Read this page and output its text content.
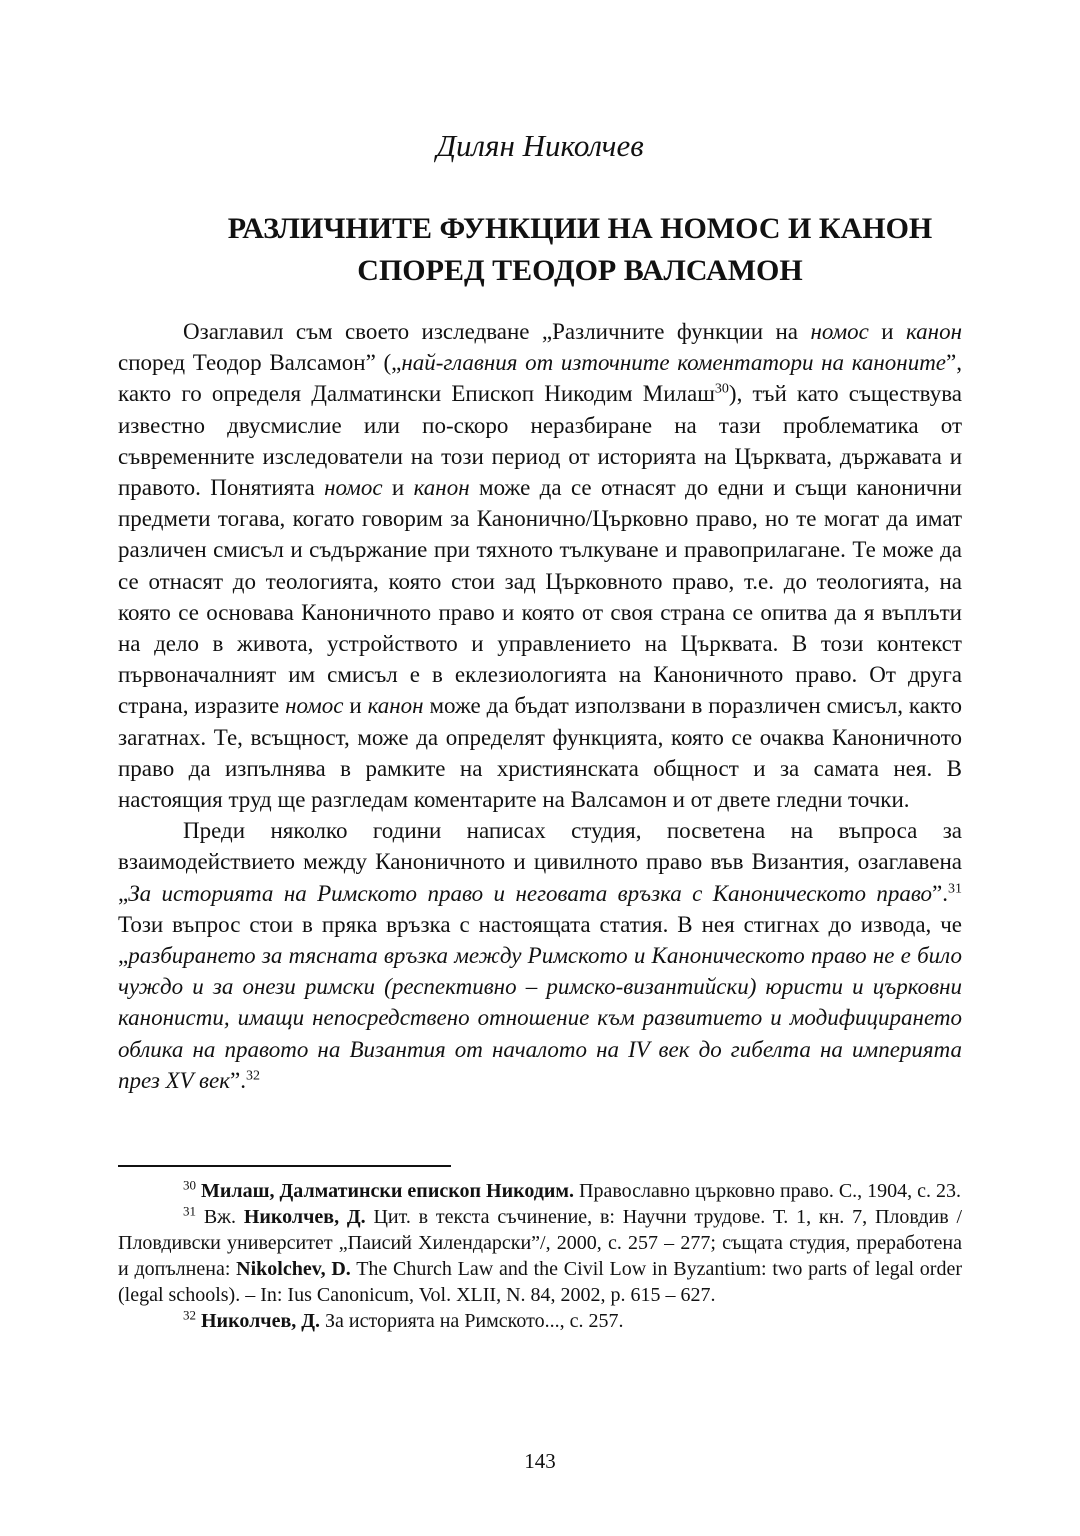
Дилян Николчев

РАЗЛИЧНИТЕ ФУНКЦИИ НА НОМОС И КАНОН
СПОРЕД ТЕОДОР ВАЛСАМОН

Озаглавил съм своето изследване „Различните функции на номос и канон според Теодор Валсамон” („най-главния от източните коментатори на каноните”, както го определя Далматински Епископ Никодим Милаш$^{30}$), тъй като съществува известно двусмислие или по-скоро неразбиране на тази проблематика от съвременните изследователи на този период от историята на Църквата, държавата и правото. Понятията номос и канон може да се отнасят до едни и същи канонични предмети тогава, когато говорим за Канонично/Църковно право, но те могат да имат различен смисъл и съдържание при тяхното тълкуване и правоприлагане. Те може да се отнасят до теологията, която стои зад Църковното право, т.е. до теологията, на която се основава Каноничното право и която от своя страна се опитва да я въплъти на дело в живота, устройството и управлението на Църквата. В този контекст първоначалният им смисъл е в еклезиологията на Каноничното право. От друга страна, изразите номос и канон може да бъдат използвани в поразличен смисъл, както загатнах. Те, всъщност, може да определят функцията, която се очаква Каноничното право да изпълнява в рамките на християнската общност и за самата нея. В настоящия труд ще разгледам коментарите на Валсамон и от двете гледни точки.

Преди няколко години написах студия, посветена на въпроса за взаимодействието между Каноничното и цивилното право във Византия, озаглавена „За историята на Римското право и неговата връзка с Каноническото право”.$^{31}$ Този въпрос стои в пряка връзка с настоящата статия. В нея стигнах до извода, че „разбирането за тясната връзка между Римското и Каноническото право не е било чуждо и за онези римски (респективно – римско-византийски) юристи и църковни канонисти, имащи непосредствено отношение към развитието и модифицирането облика на правото на Византия от началото на IV век до гибелта на империята през XV век”.$^{32}$

$^{30}$ Милаш, Далматински епископ Никодим. Православно църковно право. С., 1904, с. 23.

$^{31}$ Вж. Николчев, Д. Цит. в текста съчинение, в: Научни трудове. Т. 1, кн. 7, Пловдив /Пловдивски университет „Паисий Хилендарски”/, 2000, с. 257 – 277; същата студия, преработена и допълнена: Nikolchev, D. The Church Law and the Civil Low in Byzantium: two parts of legal order (legal schools). – In: Ius Canonicum, Vol. XLII, N. 84, 2002, p. 615 – 627.

$^{32}$ Николчев, Д. За историята на Римското..., с. 257.

143
